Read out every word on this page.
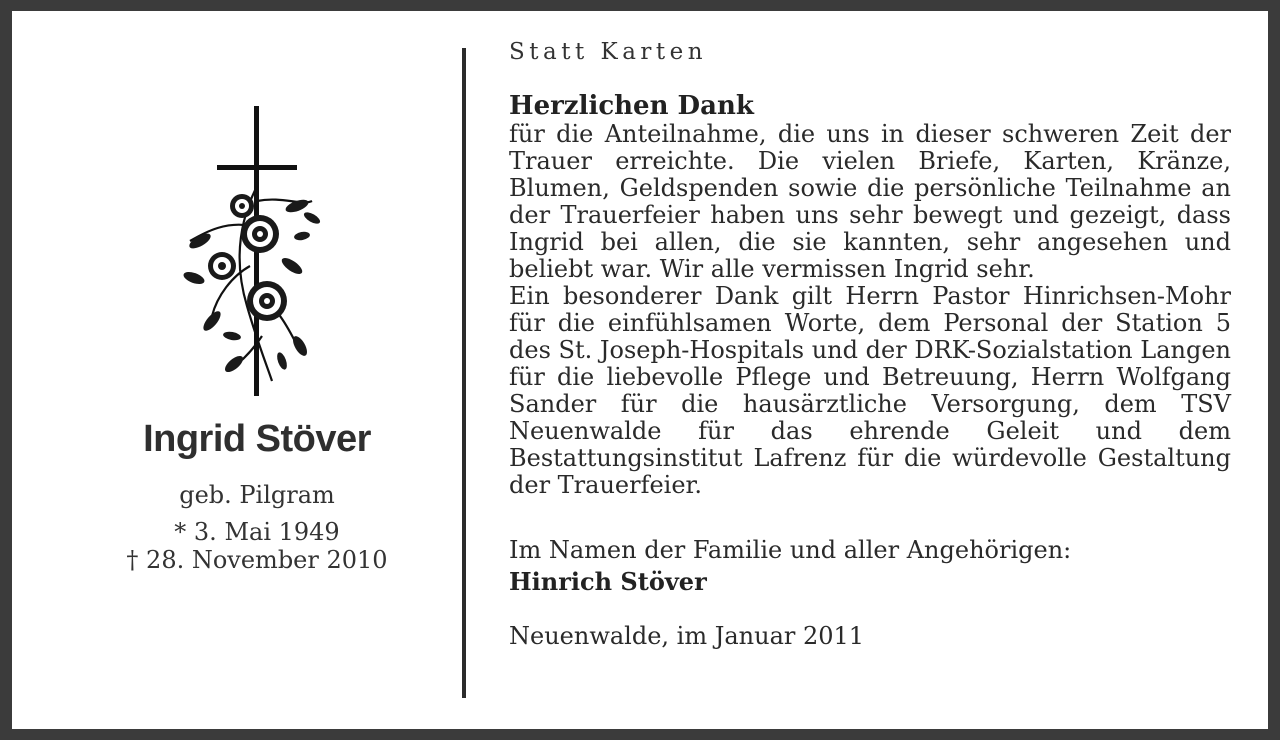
Ingrid Stöver
geb. Pilgram
* 3. Mai 1949
† 28. November 2010
Statt Karten
Herzlichen Dank

für die Anteilnahme, die uns in dieser schweren Zeit der Trauer erreichte. Die vielen Briefe, Karten, Kränze, Blumen, Geldspenden sowie die persönliche Teilnahme an der Trauerfeier haben uns sehr bewegt und gezeigt, dass Ingrid bei allen, die sie kannten, sehr angesehen und beliebt war. Wir alle vermissen Ingrid sehr.

Ein besonderer Dank gilt Herrn Pastor Hinrichsen-Mohr für die einfühlsamen Worte, dem Personal der Station 5 des St. Joseph-Hospitals und der DRK-Sozialstation Langen für die liebevolle Pflege und Betreuung, Herrn Wolfgang Sander für die hausärztliche Versorgung, dem TSV Neuenwalde für das ehrende Geleit und dem Bestattungsinstitut Lafrenz für die würdevolle Gestaltung der Trauerfeier.

Im Namen der Familie und aller Angehörigen:
Hinrich Stöver
Neuenwalde, im Januar 2011
